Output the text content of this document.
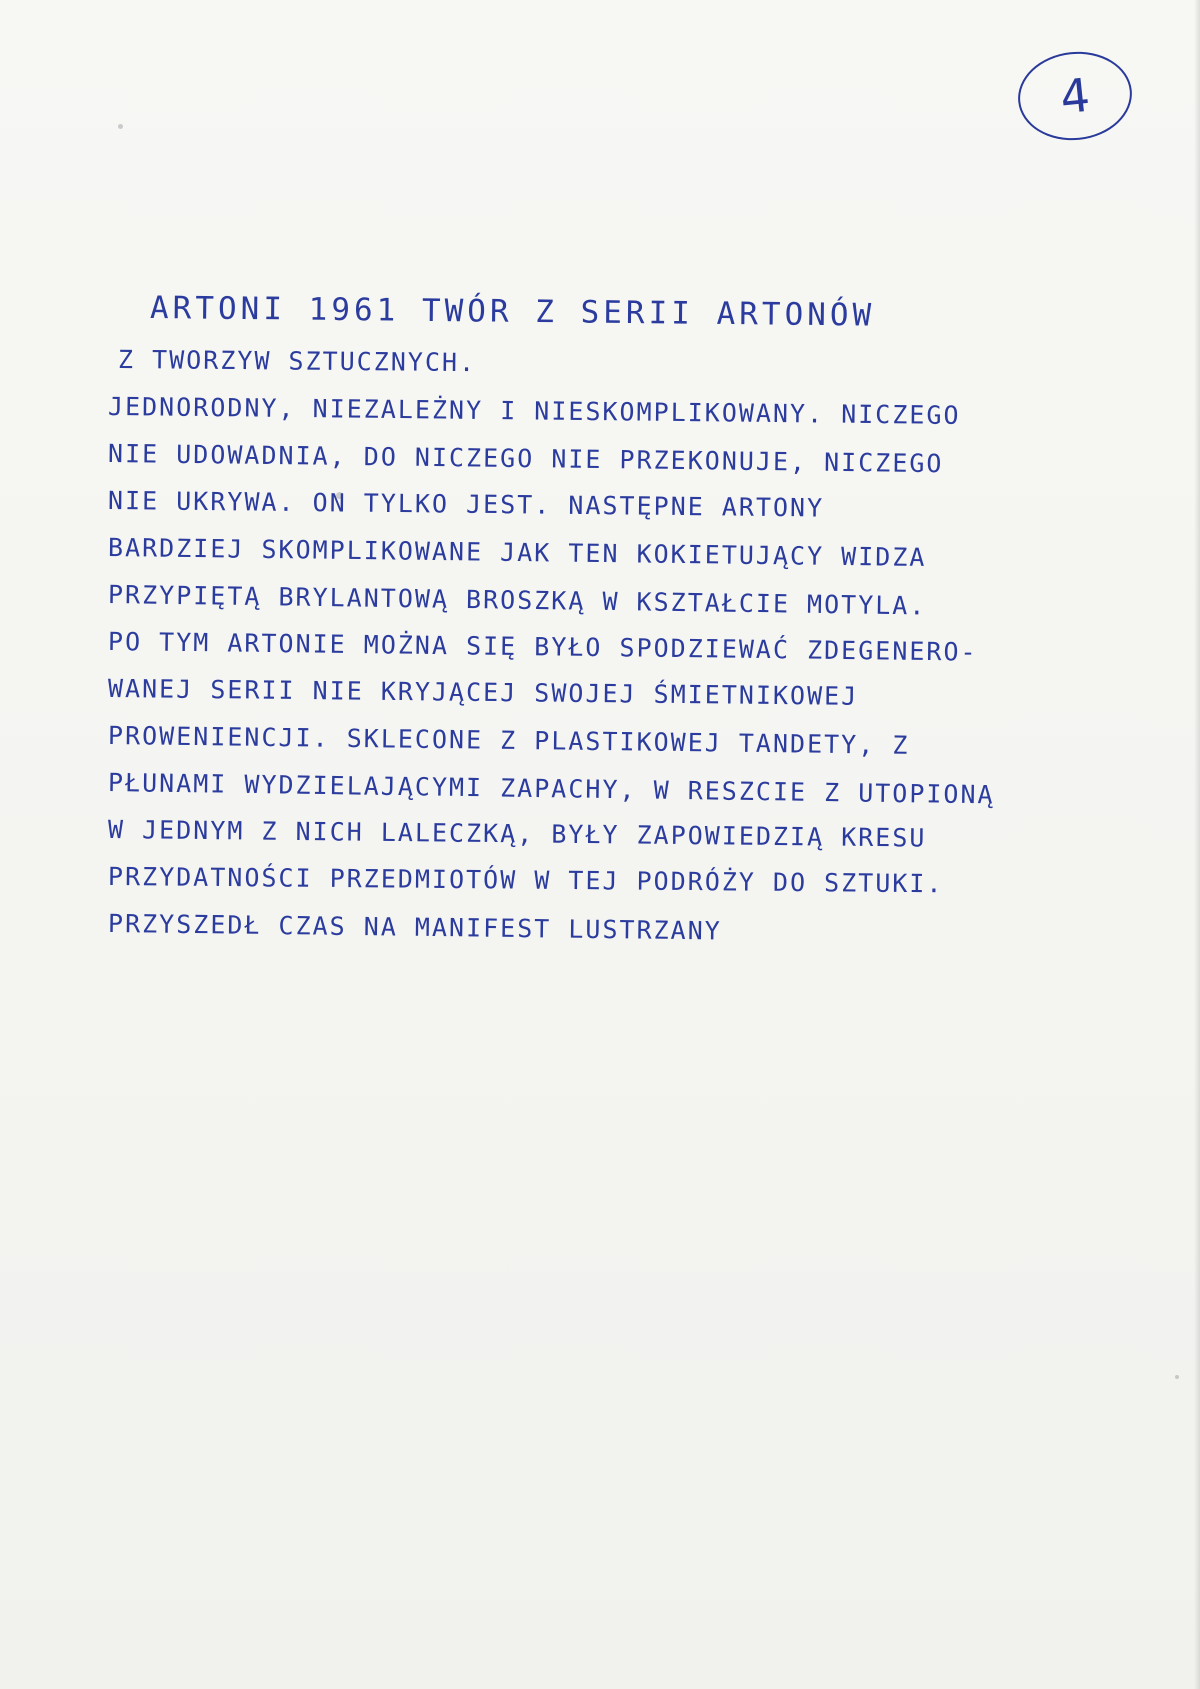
4
ARTONI 1961 TWÓR Z SERII ARTONÓW
Z TWORZYW SZTUCZNYCH.
JEDNORODNY, NIEZALEŻNY I NIESKOMPLIKOWANY. NICZEGO
NIE UDOWADNIA, DO NICZEGO NIE PRZEKONUJE, NICZEGO
NIE UKRYWA. ON TYLKO JEST. NASTĘPNE ARTONY
BARDZIEJ SKOMPLIKOWANE JAK TEN KOKIETUJĄCY WIDZA
PRZYPIĘTĄ BRYLANTOWĄ BROSZKĄ W KSZTAŁCIE MOTYLA.
PO TYM ARTONIE MOŻNA SIĘ BYŁO SPODZIEWAĆ ZDEGENERO-
WANEJ SERII NIE KRYJĄCEJ SWOJEJ ŚMIETNIKOWEJ
PROWENIENCJI. SKLECONE Z PLASTIKOWEJ TANDETY, Z
PŁUNAMI WYDZIELAJĄCYMI ZAPACHY, W RESZCIE Z UTOPIONĄ
W JEDNYM Z NICH LALECZKĄ, BYŁY ZAPOWIEDZIĄ KRESU
PRZYDATNOŚCI PRZEDMIOTÓW W TEJ PODRÓŻY DO SZTUKI.
PRZYSZEDŁ CZAS NA MANIFEST LUSTRZANY
